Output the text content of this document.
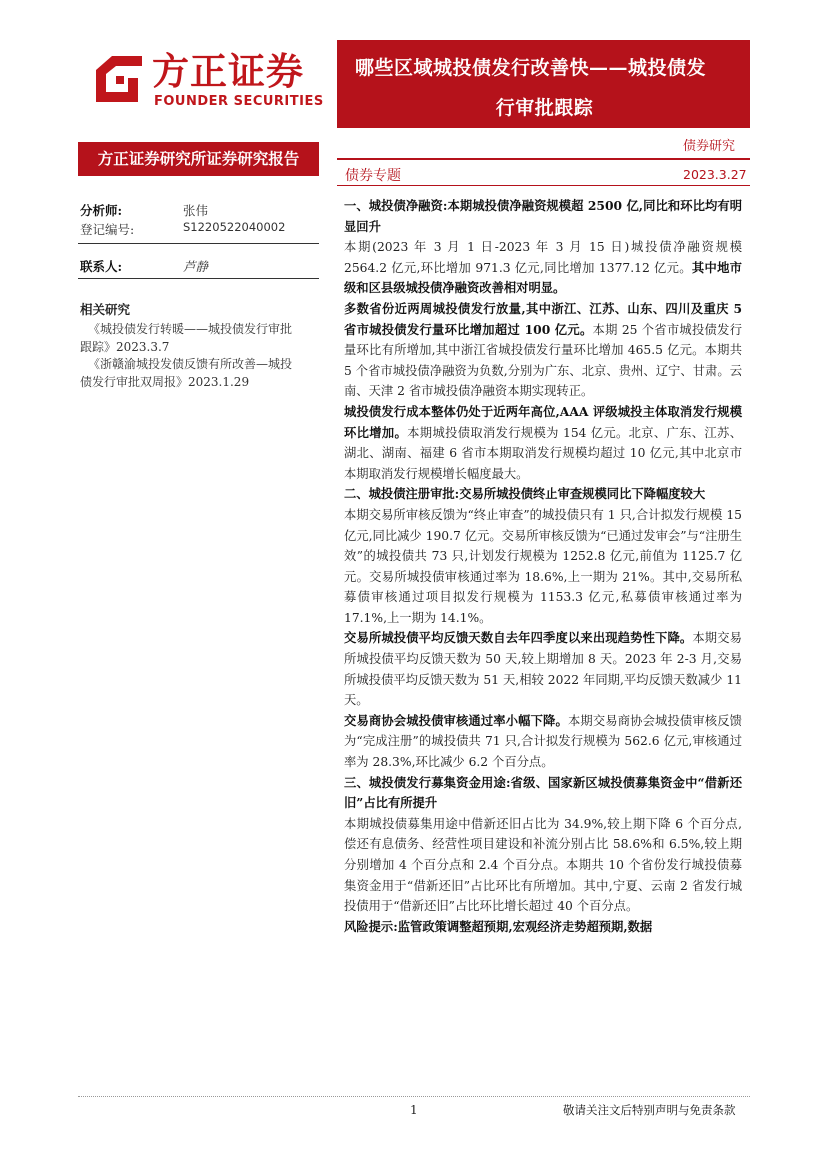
方正证券
FOUNDER SECURITIES
哪些区域城投债发行改善快——城投债发
行审批跟踪
方正证券研究所证券研究报告
债券研究
债券专题	2023.3.27
分析师:	张伟
登记编号:	S1220522040002
联系人:	芦静
相关研究
《城投债发行转暖——城投债发行审批
跟踪》2023.3.7
《浙赣渝城投发债反馈有所改善—城投
债发行审批双周报》2023.1.29

一、城投债净融资:本期城投债净融资规模超 2500 亿,同比和环比均有明显回升

本期(2023 年 3 月 1 日-2023 年 3 月 15 日)城投债净融资规模 2564.2 亿元,环比增加 971.3 亿元,同比增加 1377.12 亿元。其中地市级和区县级城投债净融资改善相对明显。

多数省份近两周城投债发行放量,其中浙江、江苏、山东、四川及重庆 5 省市城投债发行量环比增加超过 100 亿元。本期 25 个省市城投债发行量环比有所增加,其中浙江省城投债发行量环比增加 465.5 亿元。本期共 5 个省市城投债净融资为负数,分别为广东、北京、贵州、辽宁、甘肃。云南、天津 2 省市城投债净融资本期实现转正。

城投债发行成本整体仍处于近两年高位,AAA 评级城投主体取消发行规模环比增加。本期城投债取消发行规模为 154 亿元。北京、广东、江苏、湖北、湖南、福建 6 省市本期取消发行规模均超过 10 亿元,其中北京市本期取消发行规模增长幅度最大。

二、城投债注册审批:交易所城投债终止审查规模同比下降幅度较大

本期交易所审核反馈为“终止审查”的城投债只有 1 只,合计拟发行规模 15 亿元,同比减少 190.7 亿元。交易所审核反馈为“已通过发审会”与“注册生效”的城投债共 73 只,计划发行规模为 1252.8 亿元,前值为 1125.7 亿元。交易所城投债审核通过率为 18.6%,上一期为 21%。其中,交易所私募债审核通过项目拟发行规模为 1153.3 亿元,私募债审核通过率为 17.1%,上一期为 14.1%。

交易所城投债平均反馈天数自去年四季度以来出现趋势性下降。本期交易所城投债平均反馈天数为 50 天,较上期增加 8 天。2023 年 2-3 月,交易所城投债平均反馈天数为 51 天,相较 2022 年同期,平均反馈天数减少 11 天。

交易商协会城投债审核通过率小幅下降。本期交易商协会城投债审核反馈为“完成注册”的城投债共 71 只,合计拟发行规模为 562.6 亿元,审核通过率为 28.3%,环比减少 6.2 个百分点。

三、城投债发行募集资金用途:省级、国家新区城投债募集资金中“借新还旧”占比有所提升

本期城投债募集用途中借新还旧占比为 34.9%,较上期下降 6 个百分点,偿还有息债务、经营性项目建设和补流分别占比 58.6%和 6.5%,较上期分别增加 4 个百分点和 2.4 个百分点。本期共 10 个省份发行城投债募集资金用于“借新还旧”占比环比有所增加。其中,宁夏、云南 2 省发行城投债用于“借新还旧”占比环比增长超过 40 个百分点。

风险提示:监管政策调整超预期,宏观经济走势超预期,数据

1	敬请关注文后特别声明与免责条款
